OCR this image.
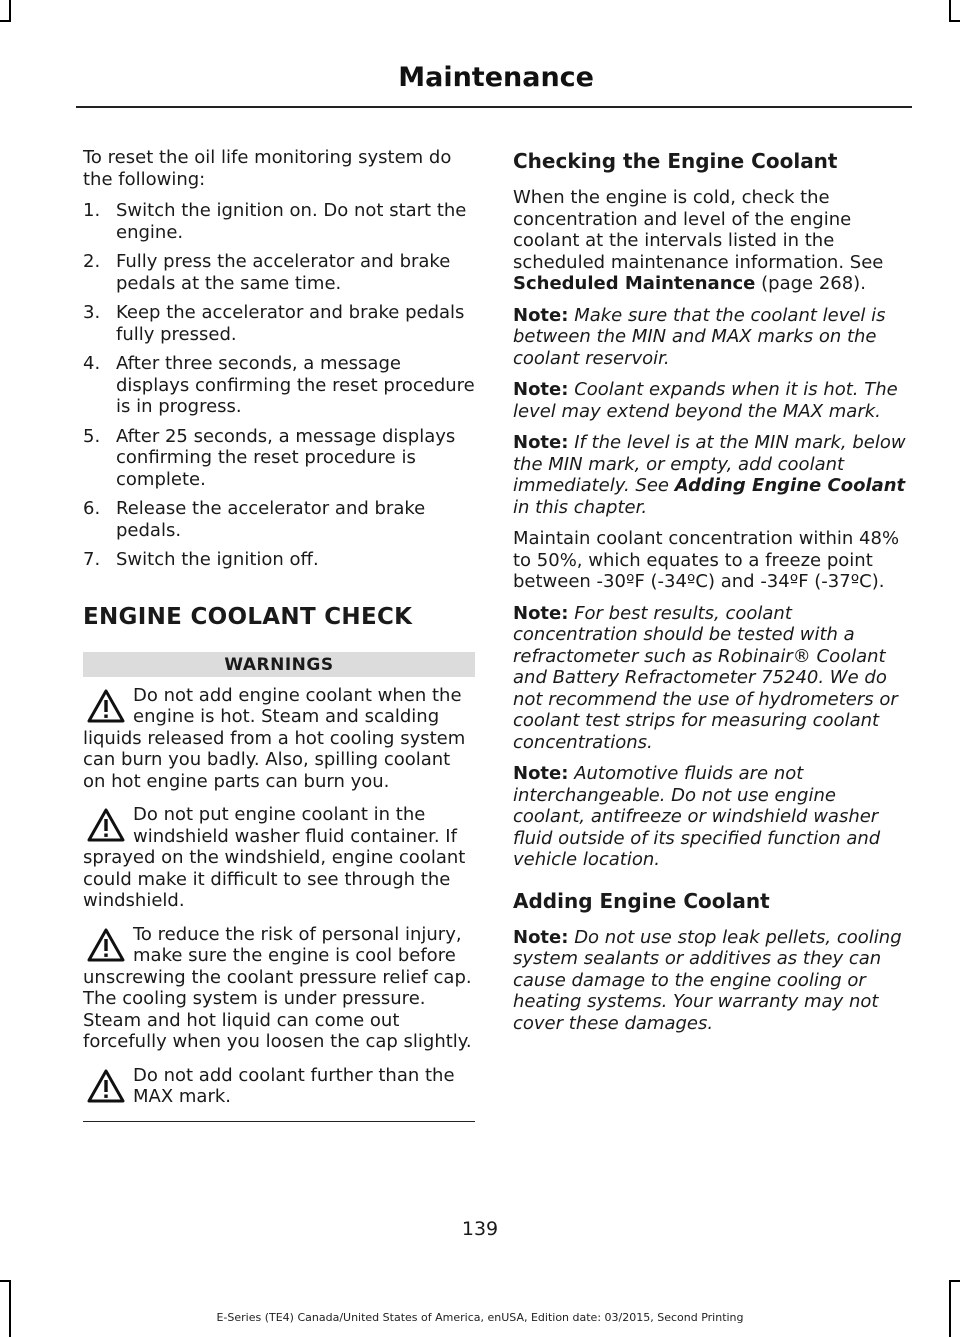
Maintenance

To reset the oil life monitoring system do the following:

1. Switch the ignition on. Do not start the engine.
2. Fully press the accelerator and brake pedals at the same time.
3. Keep the accelerator and brake pedals fully pressed.
4. After three seconds, a message displays confirming the reset procedure is in progress.
5. After 25 seconds, a message displays confirming the reset procedure is complete.
6. Release the accelerator and brake pedals.
7. Switch the ignition off.
ENGINE COOLANT CHECK
WARNINGS
Do not add engine coolant when the engine is hot. Steam and scalding liquids released from a hot cooling system can burn you badly. Also, spilling coolant on hot engine parts can burn you.
Do not put engine coolant in the windshield washer fluid container. If sprayed on the windshield, engine coolant could make it difficult to see through the windshield.
To reduce the risk of personal injury, make sure the engine is cool before unscrewing the coolant pressure relief cap. The cooling system is under pressure. Steam and hot liquid can come out forcefully when you loosen the cap slightly.
Do not add coolant further than the MAX mark.
Checking the Engine Coolant

When the engine is cold, check the concentration and level of the engine coolant at the intervals listed in the scheduled maintenance information. See Scheduled Maintenance (page 268).

Note: Make sure that the coolant level is between the MIN and MAX marks on the coolant reservoir.

Note: Coolant expands when it is hot. The level may extend beyond the MAX mark.

Note: If the level is at the MIN mark, below the MIN mark, or empty, add coolant immediately. See Adding Engine Coolant in this chapter.

Maintain coolant concentration within 48% to 50%, which equates to a freeze point between -30ºF (-34ºC) and -34ºF (-37ºC).

Note: For best results, coolant concentration should be tested with a refractometer such as Robinair® Coolant and Battery Refractometer 75240. We do not recommend the use of hydrometers or coolant test strips for measuring coolant concentrations.

Note: Automotive fluids are not interchangeable. Do not use engine coolant, antifreeze or windshield washer fluid outside of its specified function and vehicle location.

Adding Engine Coolant

Note: Do not use stop leak pellets, cooling system sealants or additives as they can cause damage to the engine cooling or heating systems. Your warranty may not cover these damages.

139
E-Series (TE4) Canada/United States of America, enUSA, Edition date: 03/2015, Second Printing
